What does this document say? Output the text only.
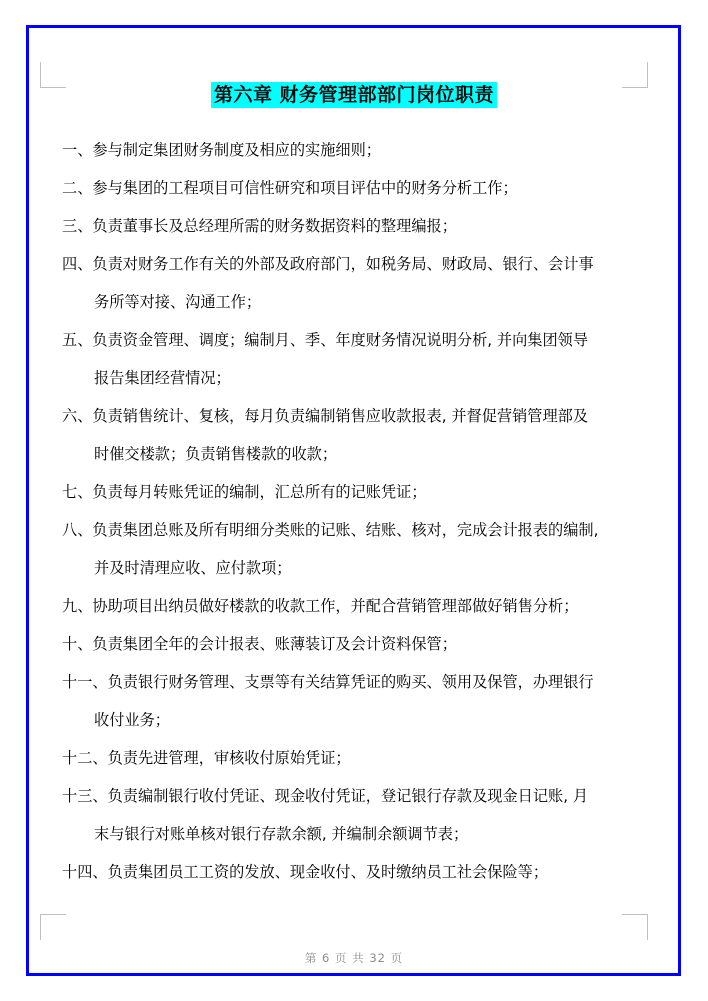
第六章 财务管理部部门岗位职责
一、参与制定集团财务制度及相应的实施细则；
二、参与集团的工程项目可信性研究和项目评估中的财务分析工作；
三、负责董事长及总经理所需的财务数据资料的整理编报；
四、负责对财务工作有关的外部及政府部门，如税务局、财政局、银行、会计事
务所等对接、沟通工作；
五、负责资金管理、调度；编制月、季、年度财务情况说明分析, 并向集团领导
报告集团经营情况；
六、负责销售统计、复核，每月负责编制销售应收款报表, 并督促营销管理部及
时催交楼款；负责销售楼款的收款；
七、负责每月转账凭证的编制，汇总所有的记账凭证；
八、负责集团总账及所有明细分类账的记账、结账、核对，完成会计报表的编制,
并及时清理应收、应付款项；
九、协助项目出纳员做好楼款的收款工作，并配合营销管理部做好销售分析；
十、负责集团全年的会计报表、账薄装订及会计资料保管；
十一、负责银行财务管理、支票等有关结算凭证的购买、领用及保管，办理银行
收付业务；
十二、负责先进管理，审核收付原始凭证；
十三、负责编制银行收付凭证、现金收付凭证，登记银行存款及现金日记账, 月
末与银行对账单核对银行存款余额, 并编制余额调节表；
十四、负责集团员工工资的发放、现金收付、及时缴纳员工社会保险等；
第 6 页 共 32 页
